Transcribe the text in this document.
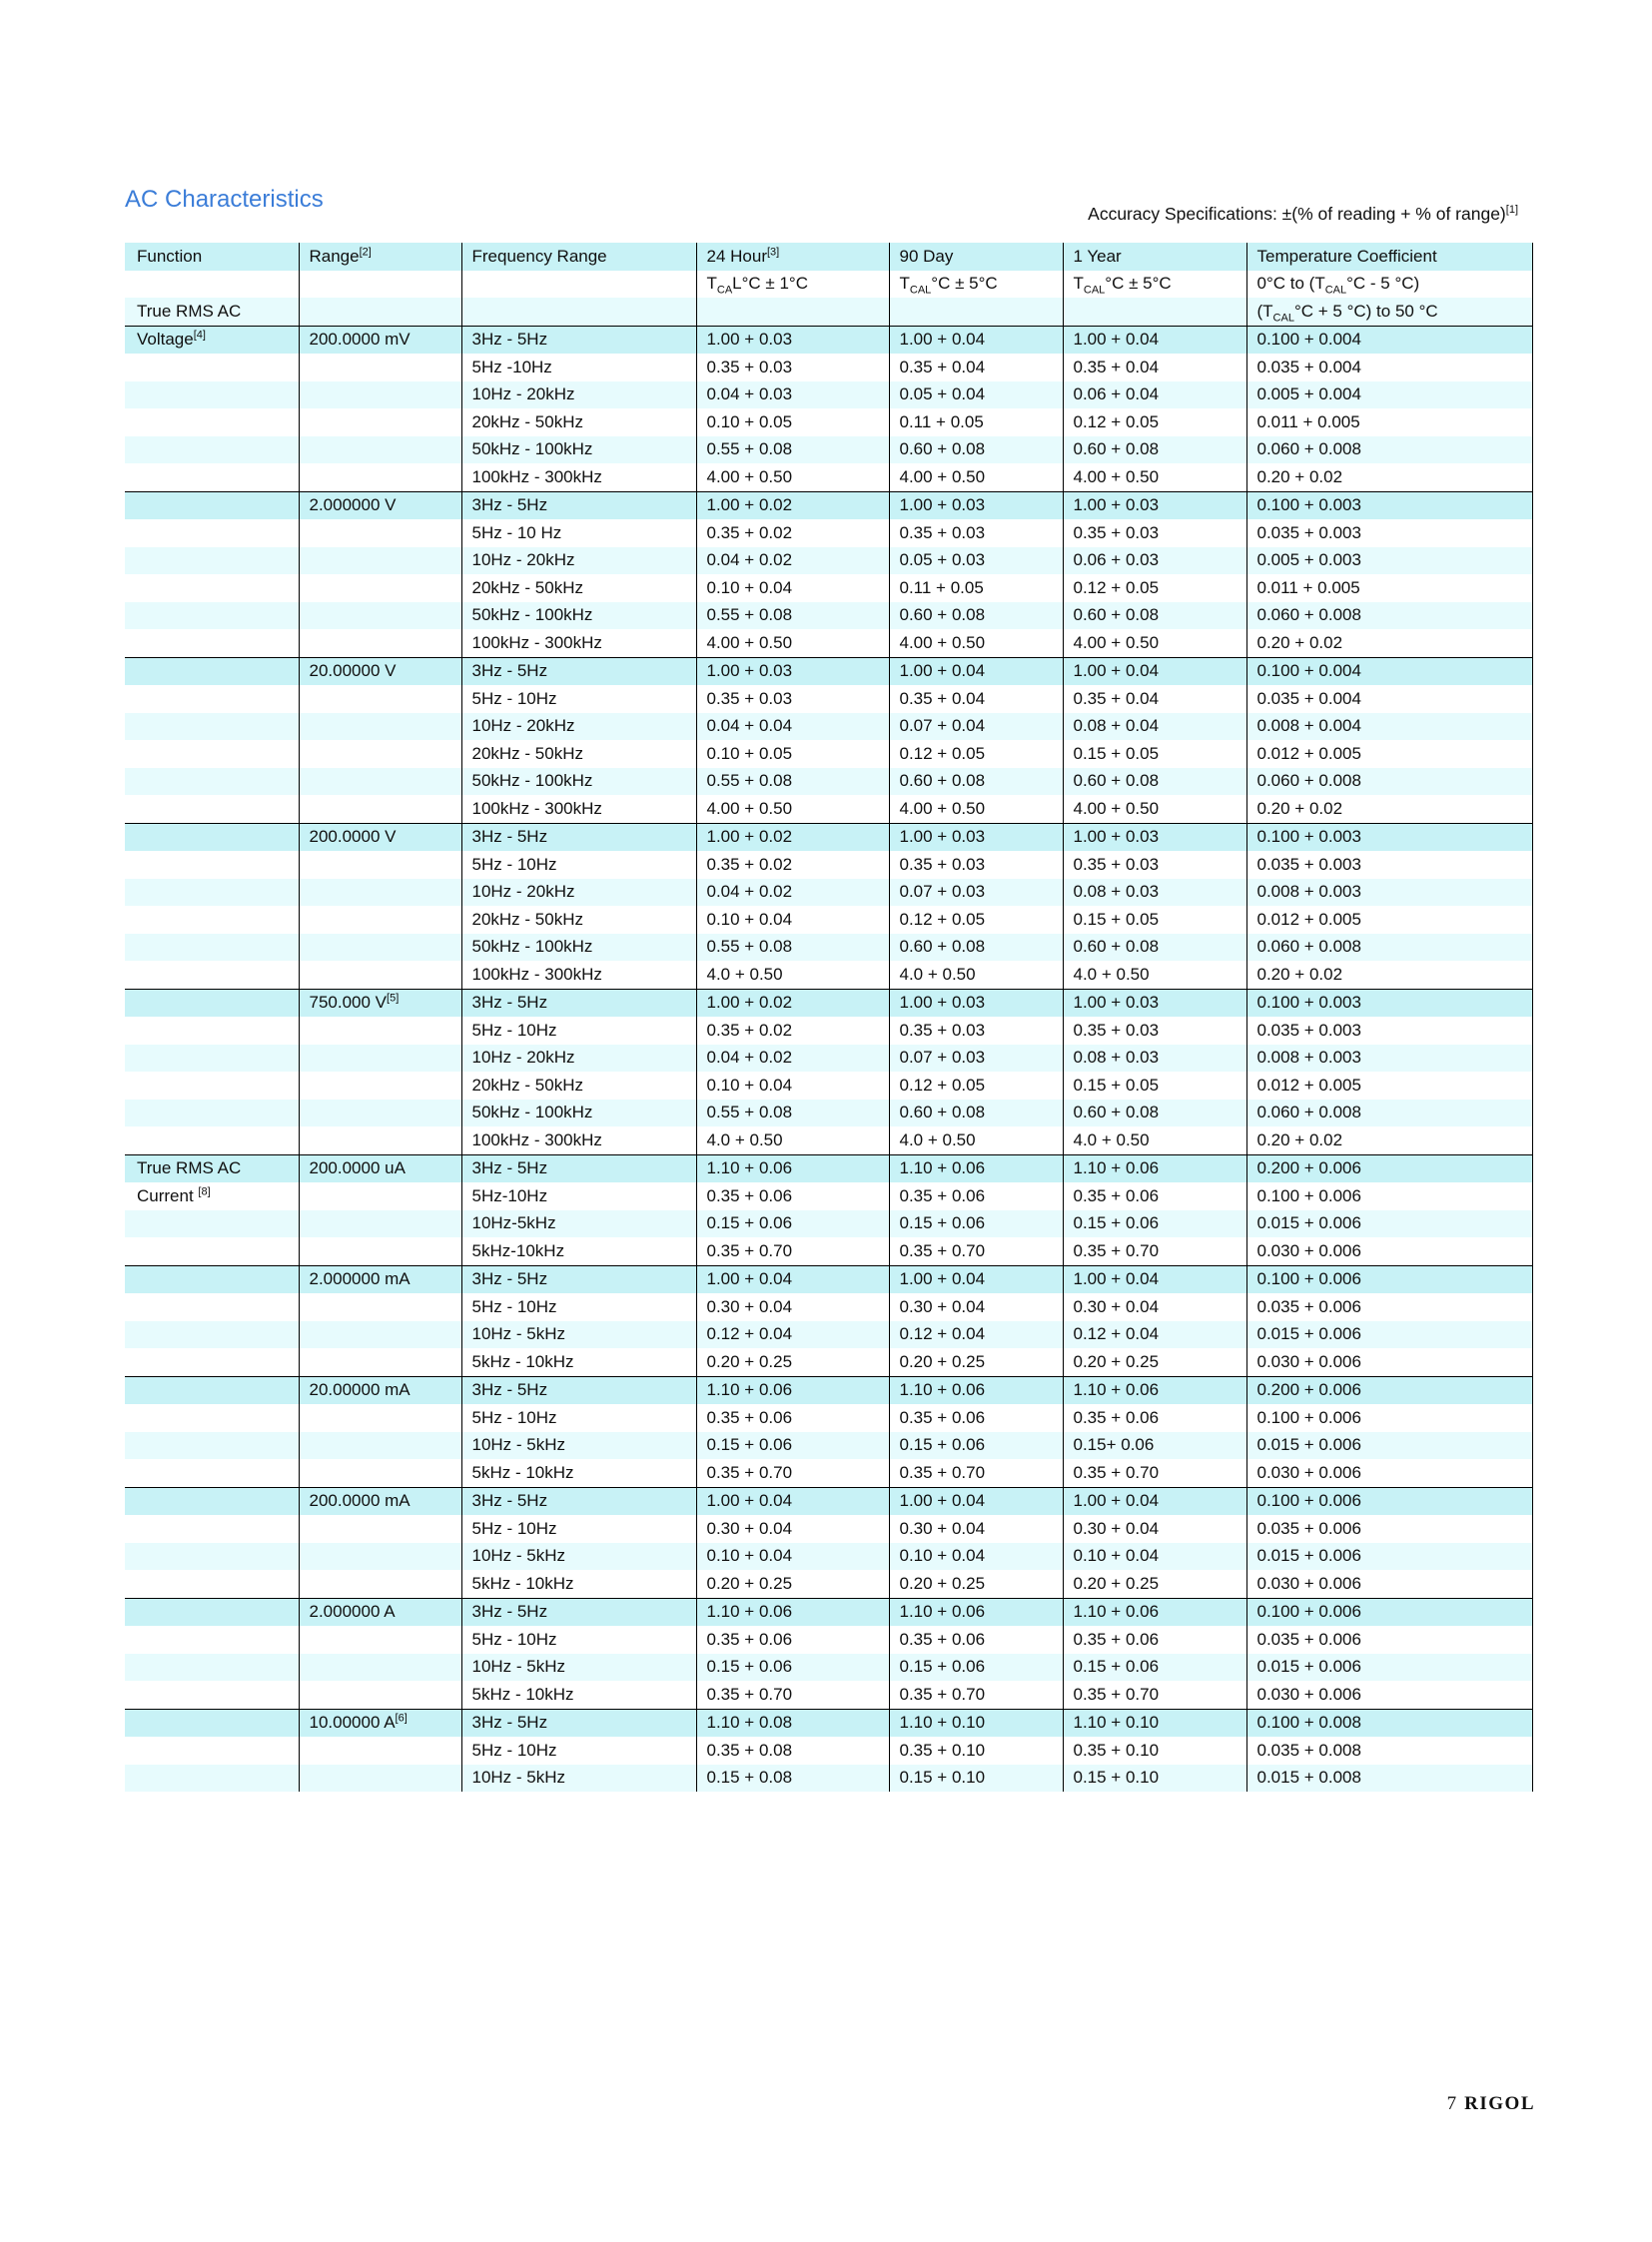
AC Characteristics
Accuracy Specifications: ±(% of reading + % of range)[1]
Function	Range[2]	Frequency Range	24 Hour[3]	90 Day	1 Year	Temperature Coefficient
			$T_{CA}L^\circ C \pm 1^\circ C$	$T_{CAL}^\circ C \pm 5^\circ C$	$T_{CAL}^\circ C \pm 5^\circ C$	0°C to ($T_{CAL}^\circ C - 5$ °C)
True RMS AC						($T_{CAL}^\circ C + 5$ °C) to 50 °C
Voltage[4]	200.0000 mV	3Hz - 5Hz	1.00 + 0.03	1.00 + 0.04	1.00 + 0.04	0.100 + 0.004
		5Hz -10Hz	0.35 + 0.03	0.35 + 0.04	0.35 + 0.04	0.035 + 0.004
		10Hz - 20kHz	0.04 + 0.03	0.05 + 0.04	0.06 + 0.04	0.005 + 0.004
		20kHz - 50kHz	0.10 + 0.05	0.11 + 0.05	0.12 + 0.05	0.011 + 0.005
		50kHz - 100kHz	0.55 + 0.08	0.60 + 0.08	0.60 + 0.08	0.060 + 0.008
		100kHz - 300kHz	4.00 + 0.50	4.00 + 0.50	4.00 + 0.50	0.20 + 0.02
	2.000000 V	3Hz - 5Hz	1.00 + 0.02	1.00 + 0.03	1.00 + 0.03	0.100 + 0.003
		5Hz - 10 Hz	0.35 + 0.02	0.35 + 0.03	0.35 + 0.03	0.035 + 0.003
		10Hz - 20kHz	0.04 + 0.02	0.05 + 0.03	0.06 + 0.03	0.005 + 0.003
		20kHz - 50kHz	0.10 + 0.04	0.11 + 0.05	0.12 + 0.05	0.011 + 0.005
		50kHz - 100kHz	0.55 + 0.08	0.60 + 0.08	0.60 + 0.08	0.060 + 0.008
		100kHz - 300kHz	4.00 + 0.50	4.00 + 0.50	4.00 + 0.50	0.20 + 0.02
	20.00000 V	3Hz - 5Hz	1.00 + 0.03	1.00 + 0.04	1.00 + 0.04	0.100 + 0.004
		5Hz - 10Hz	0.35 + 0.03	0.35 + 0.04	0.35 + 0.04	0.035 + 0.004
		10Hz - 20kHz	0.04 + 0.04	0.07 + 0.04	0.08 + 0.04	0.008 + 0.004
		20kHz - 50kHz	0.10 + 0.05	0.12 + 0.05	0.15 + 0.05	0.012 + 0.005
		50kHz - 100kHz	0.55 + 0.08	0.60 + 0.08	0.60 + 0.08	0.060 + 0.008
		100kHz - 300kHz	4.00 + 0.50	4.00 + 0.50	4.00 + 0.50	0.20 + 0.02
	200.0000 V	3Hz - 5Hz	1.00 + 0.02	1.00 + 0.03	1.00 + 0.03	0.100 + 0.003
		5Hz - 10Hz	0.35 + 0.02	0.35 + 0.03	0.35 + 0.03	0.035 + 0.003
		10Hz - 20kHz	0.04 + 0.02	0.07 + 0.03	0.08 + 0.03	0.008 + 0.003
		20kHz - 50kHz	0.10 + 0.04	0.12 + 0.05	0.15 + 0.05	0.012 + 0.005
		50kHz - 100kHz	0.55 + 0.08	0.60 + 0.08	0.60 + 0.08	0.060 + 0.008
		100kHz - 300kHz	4.0 + 0.50	4.0 + 0.50	4.0 + 0.50	0.20 + 0.02
	750.000 V[5]	3Hz - 5Hz	1.00 + 0.02	1.00 + 0.03	1.00 + 0.03	0.100 + 0.003
		5Hz - 10Hz	0.35 + 0.02	0.35 + 0.03	0.35 + 0.03	0.035 + 0.003
		10Hz - 20kHz	0.04 + 0.02	0.07 + 0.03	0.08 + 0.03	0.008 + 0.003
		20kHz - 50kHz	0.10 + 0.04	0.12 + 0.05	0.15 + 0.05	0.012 + 0.005
		50kHz - 100kHz	0.55 + 0.08	0.60 + 0.08	0.60 + 0.08	0.060 + 0.008
		100kHz - 300kHz	4.0 + 0.50	4.0 + 0.50	4.0 + 0.50	0.20 + 0.02
True RMS AC	200.0000 uA	3Hz - 5Hz	1.10 + 0.06	1.10 + 0.06	1.10 + 0.06	0.200 + 0.006
Current [8]		5Hz-10Hz	0.35 + 0.06	0.35 + 0.06	0.35 + 0.06	0.100 + 0.006
		10Hz-5kHz	0.15 + 0.06	0.15 + 0.06	0.15 + 0.06	0.015 + 0.006
		5kHz-10kHz	0.35 + 0.70	0.35 + 0.70	0.35 + 0.70	0.030 + 0.006
	2.000000 mA	3Hz - 5Hz	1.00 + 0.04	1.00 + 0.04	1.00 + 0.04	0.100 + 0.006
		5Hz - 10Hz	0.30 + 0.04	0.30 + 0.04	0.30 + 0.04	0.035 + 0.006
		10Hz - 5kHz	0.12 + 0.04	0.12 + 0.04	0.12 + 0.04	0.015 + 0.006
		5kHz - 10kHz	0.20 + 0.25	0.20 + 0.25	0.20 + 0.25	0.030 + 0.006
	20.00000 mA	3Hz - 5Hz	1.10 + 0.06	1.10 + 0.06	1.10 + 0.06	0.200 + 0.006
		5Hz - 10Hz	0.35 + 0.06	0.35 + 0.06	0.35 + 0.06	0.100 + 0.006
		10Hz - 5kHz	0.15 + 0.06	0.15 + 0.06	0.15+ 0.06	0.015 + 0.006
		5kHz - 10kHz	0.35 + 0.70	0.35 + 0.70	0.35 + 0.70	0.030 + 0.006
	200.0000 mA	3Hz - 5Hz	1.00 + 0.04	1.00 + 0.04	1.00 + 0.04	0.100 + 0.006
		5Hz - 10Hz	0.30 + 0.04	0.30 + 0.04	0.30 + 0.04	0.035 + 0.006
		10Hz - 5kHz	0.10 + 0.04	0.10 + 0.04	0.10 + 0.04	0.015 + 0.006
		5kHz - 10kHz	0.20 + 0.25	0.20 + 0.25	0.20 + 0.25	0.030 + 0.006
	2.000000 A	3Hz - 5Hz	1.10 + 0.06	1.10 + 0.06	1.10 + 0.06	0.100 + 0.006
		5Hz - 10Hz	0.35 + 0.06	0.35 + 0.06	0.35 + 0.06	0.035 + 0.006
		10Hz - 5kHz	0.15 + 0.06	0.15 + 0.06	0.15 + 0.06	0.015 + 0.006
		5kHz - 10kHz	0.35 + 0.70	0.35 + 0.70	0.35 + 0.70	0.030 + 0.006
	10.00000 A[6]	3Hz - 5Hz	1.10 + 0.08	1.10 + 0.10	1.10 + 0.10	0.100 + 0.008
		5Hz - 10Hz	0.35 + 0.08	0.35 + 0.10	0.35 + 0.10	0.035 + 0.008
		10Hz - 5kHz	0.15 + 0.08	0.15 + 0.10	0.15 + 0.10	0.015 + 0.008
7 RIGOL
